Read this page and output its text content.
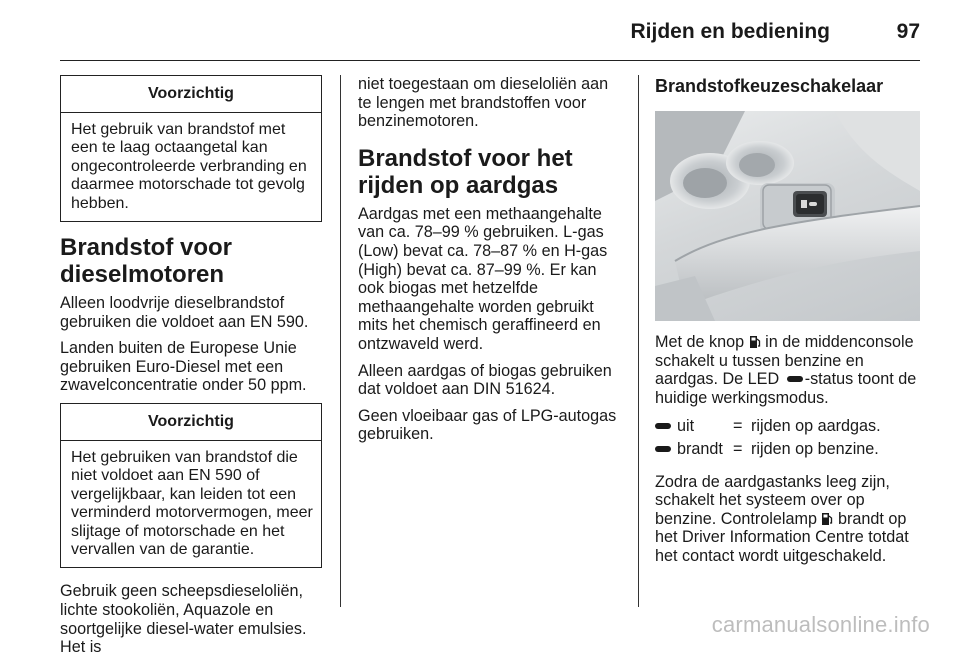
Rijden en bediening	97
Voorzichtig
Het gebruik van brandstof met een te laag octaangetal kan ongecontroleerde verbranding en daarmee motorschade tot gevolg hebben.
Brandstof voor dieselmotoren

Alleen loodvrije dieselbrandstof gebruiken die voldoet aan EN 590.

Landen buiten de Europese Unie gebruiken Euro-Diesel met een zwavelconcentratie onder 50 ppm.

Voorzichtig
Het gebruiken van brandstof die niet voldoet aan EN 590 of vergelijkbaar, kan leiden tot een verminderd motorvermogen, meer slijtage of motorschade en het vervallen van de garantie.

Gebruik geen scheepsdieseloliën, lichte stookoliën, Aquazole en soortgelijke diesel-water emulsies. Het is

niet toegestaan om dieseloliën aan te lengen met brandstoffen voor benzinemotoren.

Brandstof voor het rijden op aardgas

Aardgas met een methaangehalte van ca. 78–99 % gebruiken. L-gas (Low) bevat ca. 78–87 % en H-gas (High) bevat ca. 87–99 %. Er kan ook biogas met hetzelfde methaangehalte worden gebruikt mits het chemisch geraffineerd en ontzwaveld werd.

Alleen aardgas of biogas gebruiken dat voldoet aan DIN 51624.

Geen vloeibaar gas of LPG-autogas gebruiken.

Brandstofkeuzeschakelaar

Met de knop in de middenconsole schakelt u tussen benzine en aardgas. De LED -status toont de huidige werkingsmodus.

uit	=	rijden op aardgas.
brandt	=	rijden op benzine.

Zodra de aardgastanks leeg zijn, schakelt het systeem over op benzine. Controlelamp brandt op het Driver Information Centre totdat het contact wordt uitgeschakeld.

carmanualsonline.info
